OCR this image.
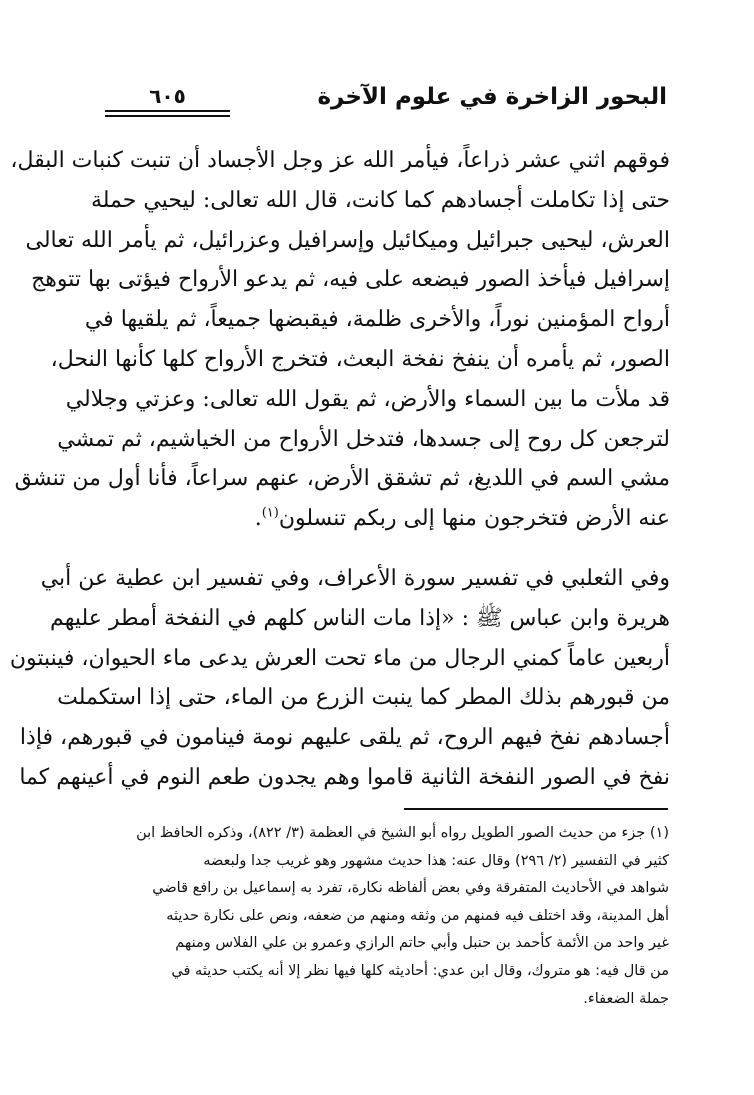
البحور الزاخرة في علوم الآخرة
٦٠٥

فوقهم اثني عشر ذراعاً، فيأمر الله عز وجل الأجساد أن تنبت كنبات البقل،
حتى إذا تكاملت أجسادهم كما كانت، قال الله تعالى: ليحيي حملة
العرش، ليحيى جبرائيل وميكائيل وإسرافيل وعزرائيل، ثم يأمر الله تعالى
إسرافيل فيأخذ الصور فيضعه على فيه، ثم يدعو الأرواح فيؤتى بها تتوهج
أرواح المؤمنين نوراً، والأخرى ظلمة، فيقبضها جميعاً، ثم يلقيها في
الصور، ثم يأمره أن ينفخ نفخة البعث، فتخرج الأرواح كلها كأنها النحل،
قد ملأت ما بين السماء والأرض، ثم يقول الله تعالى: وعزتي وجلالي
لترجعن كل روح إلى جسدها، فتدخل الأرواح من الخياشيم، ثم تمشي
مشي السم في اللديغ، ثم تشقق الأرض، عنهم سراعاً، فأنا أول من تنشق
عنه الأرض فتخرجون منها إلى ربكم تنسلون$^{(١)}$.

وفي الثعلبي في تفسير سورة الأعراف، وفي تفسير ابن عطية عن أبي
هريرة وابن عباس ﷺ : «إذا مات الناس كلهم في النفخة أمطر عليهم
أربعين عاماً كمني الرجال من ماء تحت العرش يدعى ماء الحيوان، فينبتون
من قبورهم بذلك المطر كما ينبت الزرع من الماء، حتى إذا استكملت
أجسادهم نفخ فيهم الروح، ثم يلقى عليهم نومة فينامون في قبورهم، فإذا
نفخ في الصور النفخة الثانية قاموا وهم يجدون طعم النوم في أعينهم كما

(١) جزء من حديث الصور الطويل رواه أبو الشيخ في العظمة (٣/ ٨٢٢)، وذكره الحافظ ابن
كثير في التفسير (٢/ ٢٩٦) وقال عنه: هذا حديث مشهور وهو غريب جدا ولبعضه
شواهد في الأحاديث المتفرقة وفي بعض ألفاظه نكارة، تفرد به إسماعيل بن رافع قاضي
أهل المدينة، وقد اختلف فيه فمنهم من وثقه ومنهم من ضعفه، ونص على نكارة حديثه
غير واحد من الأئمة كأحمد بن حنبل وأبي حاتم الرازي وعمرو بن علي الفلاس ومنهم
من قال فيه: هو متروك، وقال ابن عدي: أحاديثه كلها فيها نظر إلا أنه يكتب حديثه في
جملة الضعفاء.
